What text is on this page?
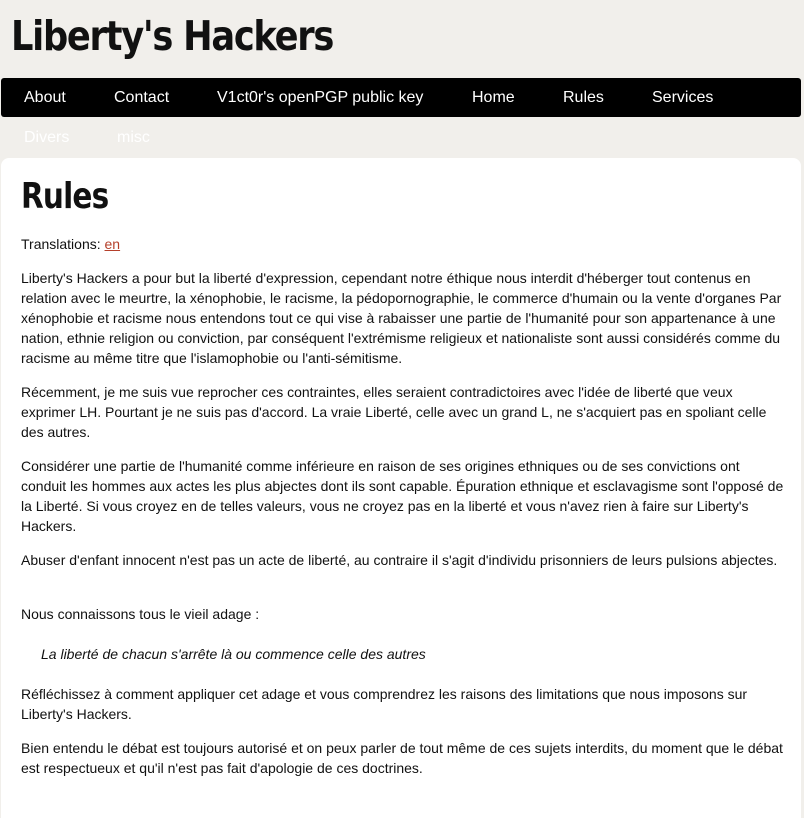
Liberty's Hackers
About	Contact	V1ct0r's openPGP public key	Home	Rules	Services
Divers	misc
Rules

Translations: en

Liberty's Hackers a pour but la liberté d'expression, cependant notre éthique nous interdit d'héberger tout contenus en relation avec le meurtre, la xénophobie, le racisme, la pédopornographie, le commerce d'humain ou la vente d'organes Par xénophobie et racisme nous entendons tout ce qui vise à rabaisser une partie de l'humanité pour son appartenance à une nation, ethnie religion ou conviction, par conséquent l'extrémisme religieux et nationaliste sont aussi considérés comme du racisme au même titre que l'islamophobie ou l'anti-sémitisme.

Récemment, je me suis vue reprocher ces contraintes, elles seraient contradictoires avec l'idée de liberté que veux exprimer LH. Pourtant je ne suis pas d'accord. La vraie Liberté, celle avec un grand L, ne s'acquiert pas en spoliant celle des autres.

Considérer une partie de l'humanité comme inférieure en raison de ses origines ethniques ou de ses convictions ont conduit les hommes aux actes les plus abjectes dont ils sont capable. Épuration ethnique et esclavagisme sont l'opposé de la Liberté. Si vous croyez en de telles valeurs, vous ne croyez pas en la liberté et vous n'avez rien à faire sur Liberty's Hackers.

Abuser d'enfant innocent n'est pas un acte de liberté, au contraire il s'agit d'individu prisonniers de leurs pulsions abjectes.

Nous connaissons tous le vieil adage :

La liberté de chacun s'arrête là ou commence celle des autres

Réfléchissez à comment appliquer cet adage et vous comprendrez les raisons des limitations que nous imposons sur Liberty's Hackers.

Bien entendu le débat est toujours autorisé et on peux parler de tout même de ces sujets interdits, du moment que le débat est respectueux et qu'il n'est pas fait d'apologie de ces doctrines.
